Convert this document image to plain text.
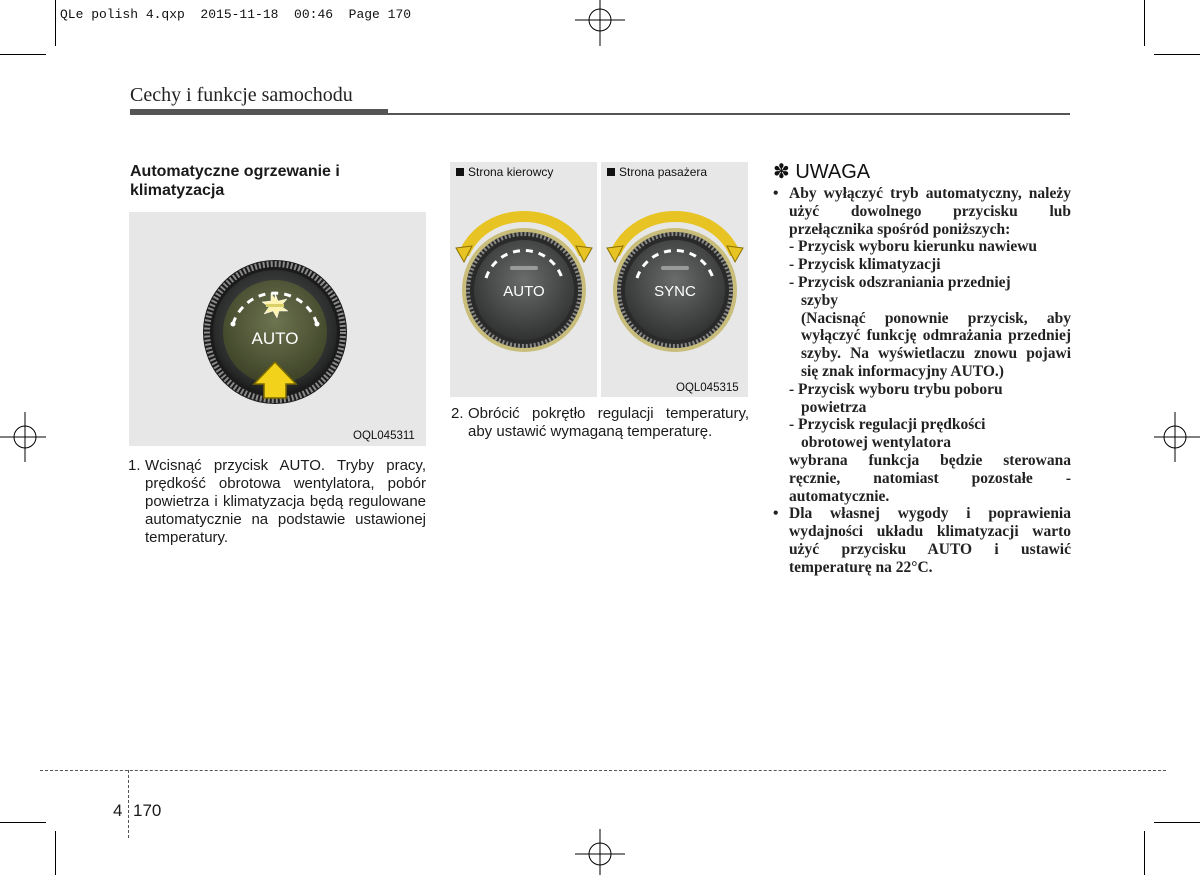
QLe polish 4.qxp  2015-11-18  00:46  Page 170
Cechy i funkcje samochodu
Automatyczne ogrzewanie i klimatyzacja
AUTO
OQL045311
1. Wcisnąć przycisk AUTO. Tryby pracy, prędkość obrotowa wentylatora, pobór powietrza i klimatyzacja będą regulowane automatycznie na podstawie ustawionej temperatury.
Strona kierowcy
AUTO
Strona pasażera
SYNC
OQL045315
2. Obrócić pokrętło regulacji temperatury, aby ustawić wymaganą temperaturę.
✽ UWAGA
• Aby wyłączyć tryb automatyczny, należy użyć dowolnego przycisku lub przełącznika spośród poniższych:

- Przycisk wyboru kierunku nawiewu

- Przycisk klimatyzacji

- Przycisk odszraniania przedniej

szyby

(Nacisnąć ponownie przycisk, aby wyłączyć funkcję odmrażania przedniej szyby. Na wyświetlaczu znowu pojawi się znak informacyjny AUTO.)

- Przycisk wyboru trybu poboru

powietrza

- Przycisk regulacji prędkości

obrotowej wentylatora

wybrana funkcja będzie sterowana ręcznie, natomiast pozostałe - automatycznie.

• Dla własnej wygody i poprawienia wydajności układu klimatyzacji warto użyć przycisku AUTO i ustawić temperaturę na 22°C.
4 170
